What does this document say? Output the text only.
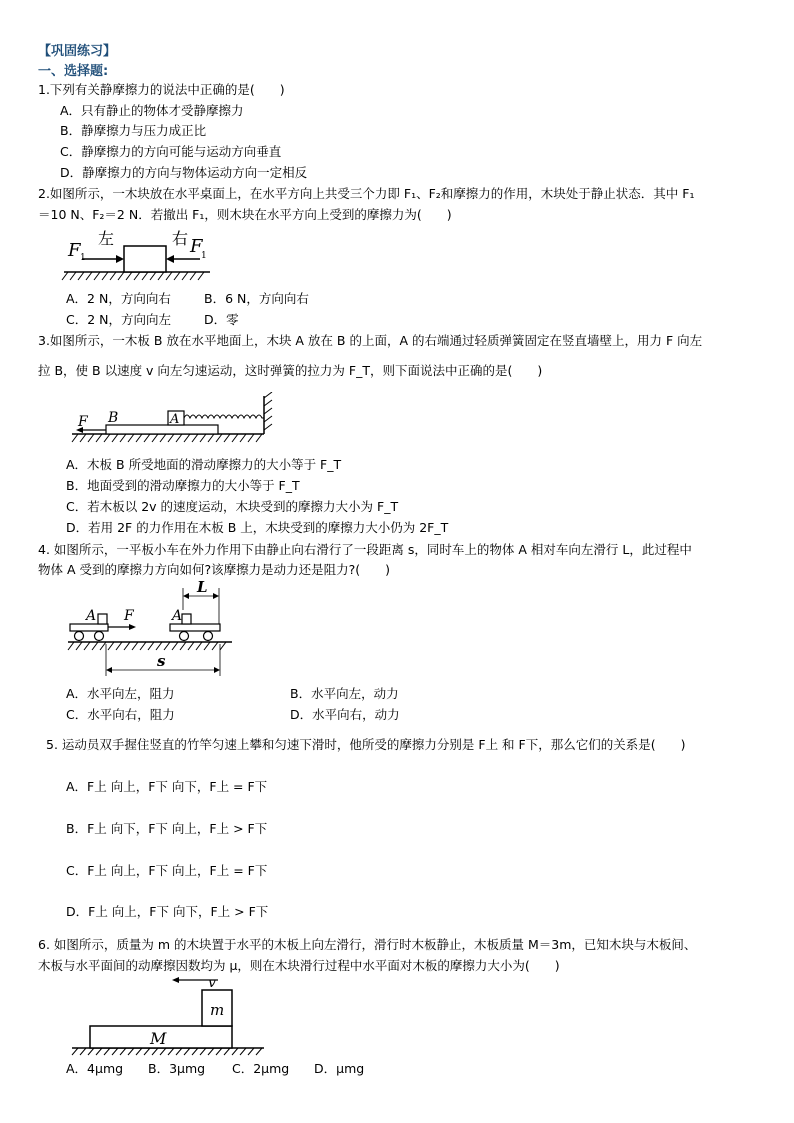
【巩固练习】
一、选择题:
1.下列有关静摩擦力的说法中正确的是(　　)
A．只有静止的物体才受静摩擦力
B．静摩擦力与压力成正比
C．静摩擦力的方向可能与运动方向垂直
D．静摩擦力的方向与物体运动方向一定相反
2.如图所示，一木块放在水平桌面上，在水平方向上共受三个力即 F₁、F₂和摩擦力的作用，木块处于静止状态．其中 F₁
＝10 N、F₂＝2 N．若撤出 F₁，则木块在水平方向上受到的摩擦力为(　　)
F 1
F
1
左	右
A．2 N，方向向右	B．6 N，方向向右
C．2 N，方向向左	D．零
3.如图所示，一木板 B 放在水平地面上，木块 A 放在 B 的上面，A 的右端通过轻质弹簧固定在竖直墙壁上，用力 F 向左
拉 B，使 B 以速度 v 向左匀速运动，这时弹簧的拉力为 F_T，则下面说法中正确的是(　　)
F B	A
A．木板 B 所受地面的滑动摩擦力的大小等于 F_T
B．地面受到的滑动摩擦力的大小等于 F_T
C．若木板以 2v 的速度运动，木块受到的摩擦力大小为 F_T
D．若用 2F 的力作用在木板 B 上，木块受到的摩擦力大小仍为 2F_T
4. 如图所示，一平板小车在外力作用下由静止向右滑行了一段距离 s，同时车上的物体 A 相对车向左滑行 L，此过程中
物体 A 受到的摩擦力方向如何?该摩擦力是动力还是阻力?(　　)
A F	A
L
s
A．水平向左，阻力	B．水平向左，动力
C．水平向右，阻力	D．水平向右，动力
5. 运动员双手握住竖直的竹竿匀速上攀和匀速下滑时，他所受的摩擦力分别是 F上 和 F下，那么它们的关系是(　　)
A．F上 向上，F下 向下，F上 = F下
B．F上 向下，F下 向上，F上 > F下
C．F上 向上，F下 向上，F上 = F下
D．F上 向上，F下 向下，F上 > F下
6. 如图所示，质量为 m 的木块置于水平的木板上向左滑行，滑行时木板静止，木板质量 M＝3m，已知木块与木板间、
木板与水平面间的动摩擦因数均为 μ，则在木块滑行过程中水平面对木板的摩擦力大小为(　　)
v
m
M
A．4μmg B．3μmg C．2μmg D．μmg
